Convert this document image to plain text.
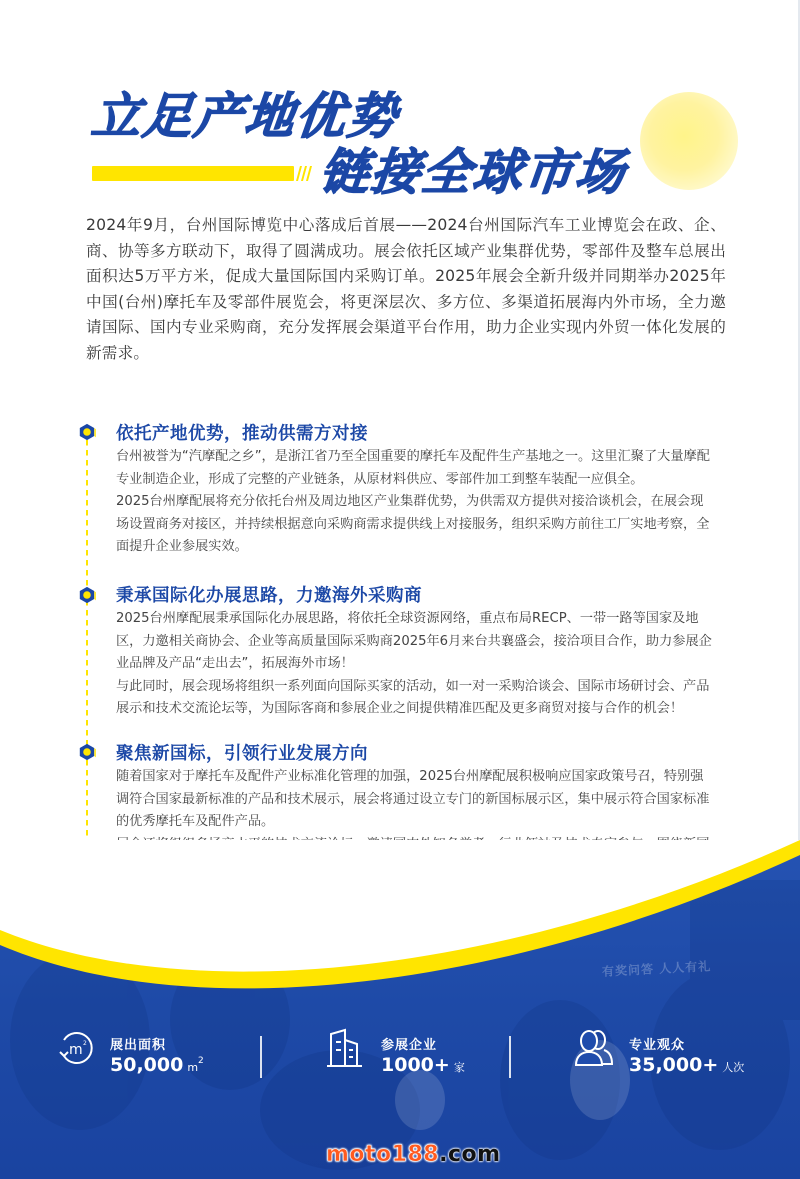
立足产地优势
链接全球市场
2024年9月，台州国际博览中心落成后首展——2024台州国际汽车工业博览会在政、企、商、协等多方联动下，取得了圆满成功。展会依托区域产业集群优势，零部件及整车总展出面积达5万平方米，促成大量国际国内采购订单。2025年展会全新升级并同期举办2025年中国(台州)摩托车及零部件展览会，将更深层次、多方位、多渠道拓展海内外市场，全力邀请国际、国内专业采购商，充分发挥展会渠道平台作用，助力企业实现内外贸一体化发展的新需求。
依托产地优势，推动供需方对接

台州被誉为“汽摩配之乡”，是浙江省乃至全国重要的摩托车及配件生产基地之一。这里汇聚了大量摩配专业制造企业，形成了完整的产业链条，从原材料供应、零部件加工到整车装配一应俱全。

2025台州摩配展将充分依托台州及周边地区产业集群优势，为供需双方提供对接洽谈机会，在展会现场设置商务对接区，并持续根据意向采购商需求提供线上对接服务，组织采购方前往工厂实地考察，全面提升企业参展实效。

秉承国际化办展思路，力邀海外采购商

2025台州摩配展秉承国际化办展思路，将依托全球资源网络，重点布局RECP、一带一路等国家及地区，力邀相关商协会、企业等高质量国际采购商2025年6月来台共襄盛会，接洽项目合作，助力参展企业品牌及产品“走出去”，拓展海外市场！

与此同时，展会现场将组织一系列面向国际买家的活动，如一对一采购洽谈会、国际市场研讨会、产品展示和技术交流论坛等，为国际客商和参展企业之间提供精准匹配及更多商贸对接与合作的机会！

聚焦新国标，引领行业发展方向

随着国家对于摩托车及配件产业标准化管理的加强，2025台州摩配展积极响应国家政策号召，特别强调符合国家最新标准的产品和技术展示，展会将通过设立专门的新国标展示区，集中展示符合国家标准的优秀摩托车及配件产品。

有奖问答 人人有礼
m 2 展出面积
50,000 $m^2$
参展企业
1000+ 家
专业观众
35,000+ 人次
moto188.com
